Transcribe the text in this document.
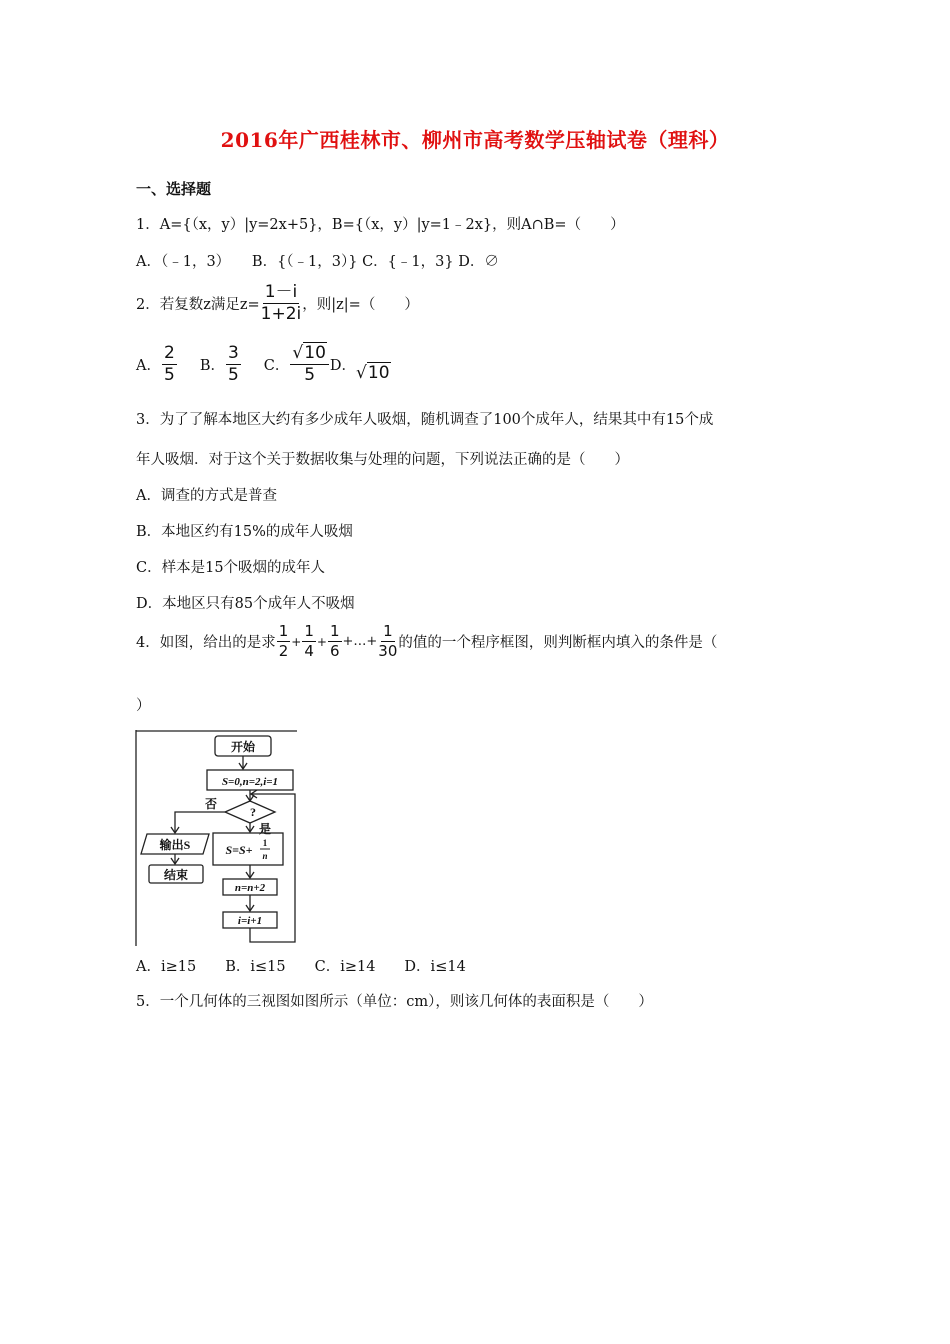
2016年广西桂林市、柳州市高考数学压轴试卷（理科）
一、选择题
1．A={（x，y）|y=2x+5}，B={（x，y）|y=1﹣2x}，则A∩B=（　　）
A．（﹣1，3）　　B．{（﹣1，3）} C．{﹣1，3} D．∅
2．若复数z满足$z= \frac{1-i}{1+2i}$ ，则|z|=（　　）
A． $\frac{2}{5}$ B． $\frac{3}{5}$ C． $\frac{√10}{5}$ D． √10
3．为了了解本地区大约有多少成年人吸烟，随机调查了100个成年人，结果其中有15个成
年人吸烟．对于这个关于数据收集与处理的问题，下列说法正确的是（　　）
A．调查的方式是普查
B．本地区约有15%的成年人吸烟
C．样本是15个吸烟的成年人
D．本地区只有85个成年人不吸烟
4．如图，给出的是求 $\frac{1}{2} + \frac{1}{4} + \frac{1}{6}$ +…+ $\frac{1}{30}$ 的值的一个程序框图，则判断框内填入的条件是（
）
开始
S=0,n=2,i=1
?
否
是
输出S
结束
S=S+ 1
n
n=n+2
i=i+1
A．i≥15　　B．i≤15　　C．i≥14　　D．i≤14
5．一个几何体的三视图如图所示（单位：cm），则该几何体的表面积是（　　）
